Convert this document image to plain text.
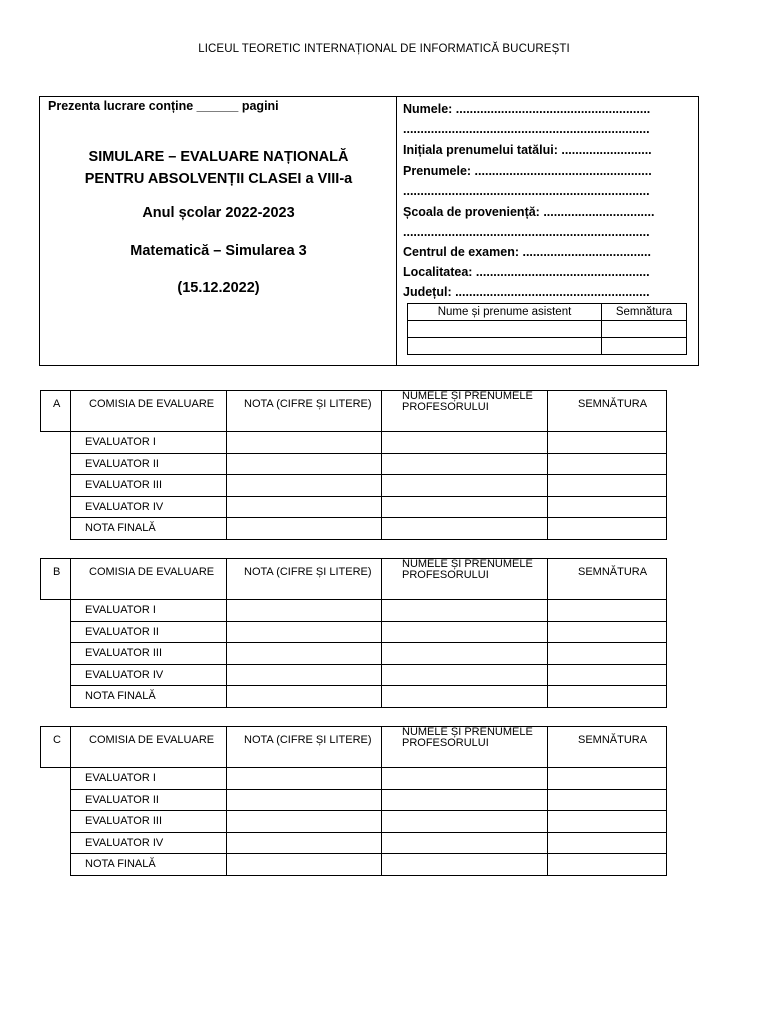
LICEUL TEORETIC INTERNAȚIONAL DE INFORMATICĂ BUCUREȘTI
Prezenta lucrare conține ______ pagini
SIMULARE – EVALUARE NAȚIONALĂ
PENTRU ABSOLVENȚII CLASEI a VIII-a
Anul școlar 2022-2023
Matematică – Simularea 3
(15.12.2022)
Numele: ........................................................
.......................................................................
Inițiala prenumelui tatălui: ..........................
Prenumele: ...................................................
.......................................................................
Școala de proveniență: ................................
.......................................................................
Centrul de examen: .....................................
Localitatea: ..................................................
Județul: ........................................................
Nume și prenume asistent	Semnătura

A	COMISIA DE EVALUARE	NOTA (CIFRE ȘI LITERE)	NUMELE ȘI PRENUMELE PROFESORULUI	SEMNĂTURA
	EVALUATOR I			
	EVALUATOR II			
	EVALUATOR III			
	EVALUATOR IV			
	NOTA FINALĂ			
B	COMISIA DE EVALUARE	NOTA (CIFRE ȘI LITERE)	NUMELE ȘI PRENUMELE PROFESORULUI	SEMNĂTURA
	EVALUATOR I			
	EVALUATOR II			
	EVALUATOR III			
	EVALUATOR IV			
	NOTA FINALĂ			
C	COMISIA DE EVALUARE	NOTA (CIFRE ȘI LITERE)	NUMELE ȘI PRENUMELE PROFESORULUI	SEMNĂTURA
	EVALUATOR I			
	EVALUATOR II			
	EVALUATOR III			
	EVALUATOR IV			
	NOTA FINALĂ			
